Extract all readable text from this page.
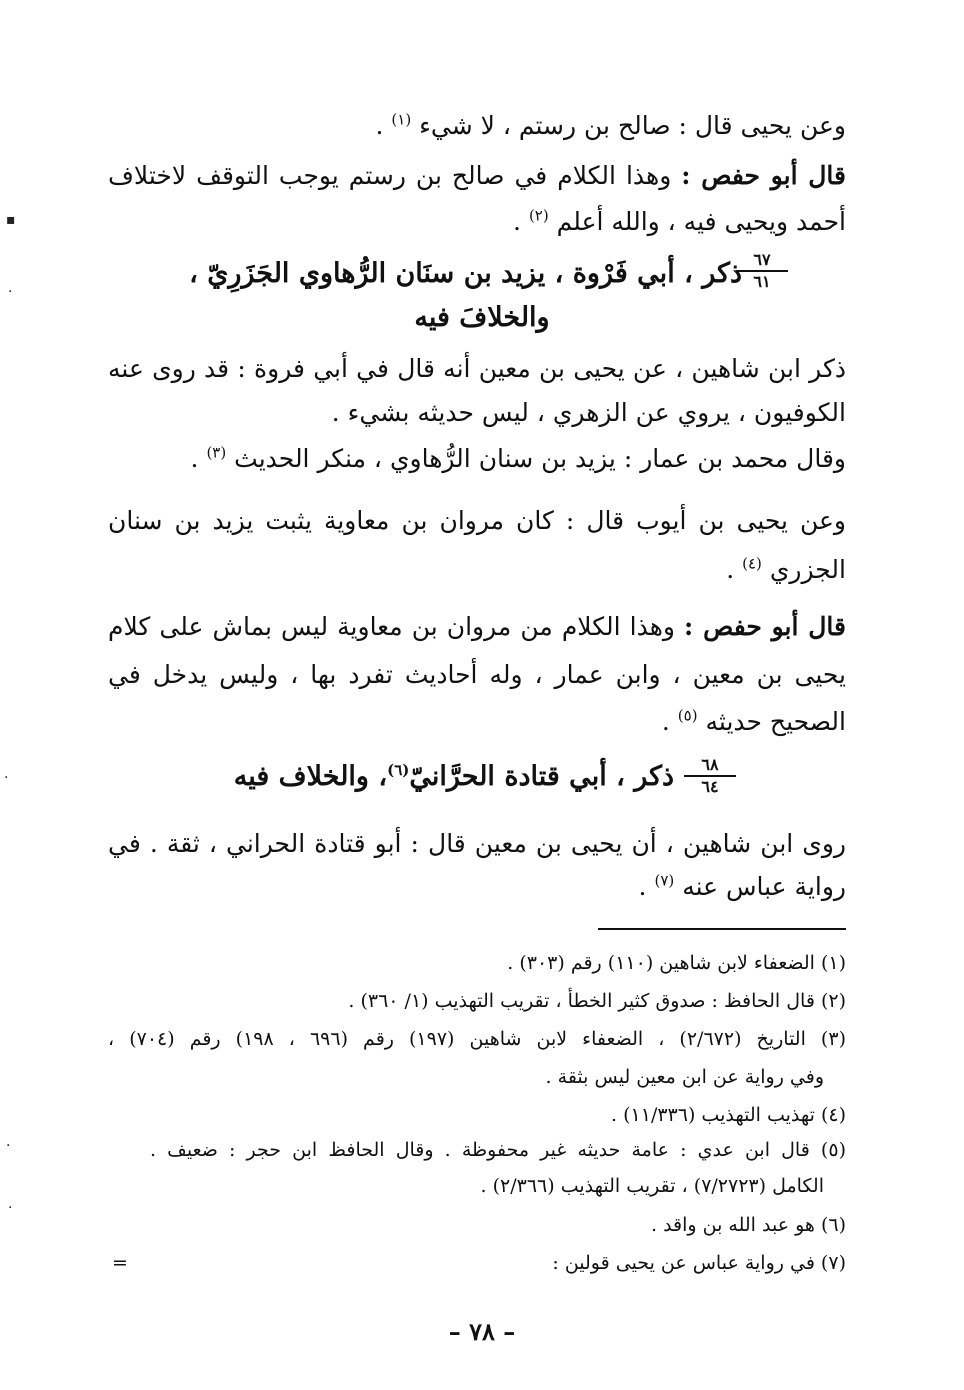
وعن يحيى قال : صالح بن رستم ، لا شيء $^{(١)}$ .
قال أبو حفص : وهذا الكلام في صالح بن رستم يوجب التوقف لاختلاف
أحمد ويحيى فيه ، والله أعلم $^{(٢)}$ .
٦٧
٦١
ذكر ، أبي فَرْوة ، يزيد بن سنَان الرُّهاوي الجَزَرِيّ ،
والخلافَ فيه
ذكر ابن شاهين ، عن يحيى بن معين أنه قال في أبي فروة : قد روى عنه
الكوفيون ، يروي عن الزهري ، ليس حديثه بشيء .
وقال محمد بن عمار : يزيد بن سنان الرُّهاوي ، منكر الحديث $^{(٣)}$ .
وعن يحيى بن أيوب قال : كان مروان بن معاوية يثبت يزيد بن سنان
الجزري $^{(٤)}$ .
قال أبو حفص : وهذا الكلام من مروان بن معاوية ليس بماش على كلام
يحيى بن معين ، وابن عمار ، وله أحاديث تفرد بها ، وليس يدخل في
الصحيح حديثه $^{(٥)}$ .
٦٨
٦٤
ذكر ، أبي قتادة الحرَّانيّ$^{(٦)}$، والخلاف فيه
روى ابن شاهين ، أن يحيى بن معين قال : أبو قتادة الحراني ، ثقة . في
رواية عباس عنه $^{(٧)}$ .
(١) الضعفاء لابن شاهين (١١٠) رقم (٣٠٣) .
(٢) قال الحافظ : صدوق كثير الخطأ ، تقريب التهذيب (١/ ٣٦٠) .
(٣) التاريخ (٢/٦٧٢) ، الضعفاء لابن شاهين (١٩٧) رقم (٦٩٦ ، ١٩٨) رقم (٧٠٤) ،
وفي رواية عن ابن معين ليس بثقة .
(٤) تهذيب التهذيب (١١/٣٣٦) .
(٥) قال ابن عدي : عامة حديثه غير محفوظة . وقال الحافظ ابن حجر : ضعيف .
الكامل (٧/٢٧٢٣) ، تقريب التهذيب (٢/٣٦٦) .
(٦) هو عبد الله بن واقد .
(٧) في رواية عباس عن يحيى قولين :
=
– ٧٨ –
▪
·
·
·
·
